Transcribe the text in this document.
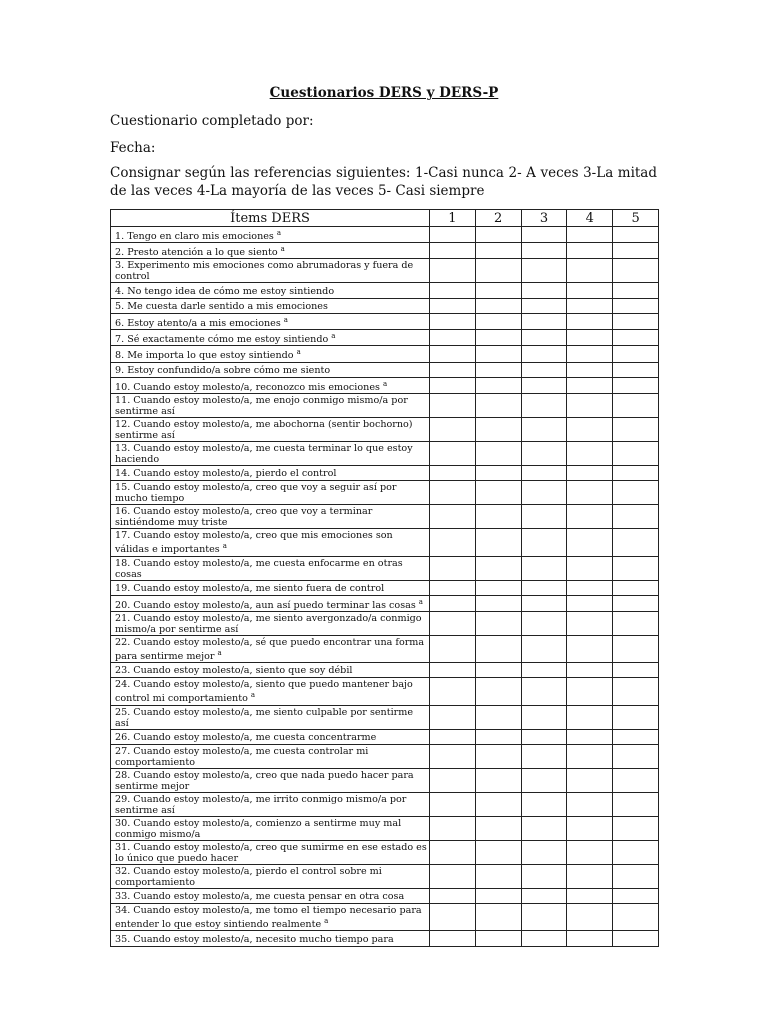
Cuestionarios DERS y DERS-P
Cuestionario completado por:
Fecha:
Consignar según las referencias siguientes: 1-Casi nunca 2- A veces 3-La mitad de las veces 4-La mayoría de las veces 5- Casi siempre
Ítems DERS	1	2	3	4	5
1. Tengo en claro mis emociones $^a$					
2. Presto atención a lo que siento $^a$					
3. Experimento mis emociones como abrumadoras y fuera de control					
4. No tengo idea de cómo me estoy sintiendo					
5. Me cuesta darle sentido a mis emociones					
6. Estoy atento/a a mis emociones $^a$					
7. Sé exactamente cómo me estoy sintiendo $^a$					
8. Me importa lo que estoy sintiendo $^a$					
9. Estoy confundido/a sobre cómo me siento					
10. Cuando estoy molesto/a, reconozco mis emociones $^a$					
11. Cuando estoy molesto/a, me enojo conmigo mismo/a por sentirme así					
12. Cuando estoy molesto/a, me abochorna (sentir bochorno) sentirme así					
13. Cuando estoy molesto/a, me cuesta terminar lo que estoy haciendo					
14. Cuando estoy molesto/a, pierdo el control					
15. Cuando estoy molesto/a, creo que voy a seguir así por mucho tiempo					
16. Cuando estoy molesto/a, creo que voy a terminar sintiéndome muy triste					
17. Cuando estoy molesto/a, creo que mis emociones son válidas e importantes $^a$					
18. Cuando estoy molesto/a, me cuesta enfocarme en otras cosas					
19. Cuando estoy molesto/a, me siento fuera de control					
20. Cuando estoy molesto/a, aun así puedo terminar las cosas $^a$					
21. Cuando estoy molesto/a, me siento avergonzado/a conmigo mismo/a por sentirme así					
22. Cuando estoy molesto/a, sé que puedo encontrar una forma para sentirme mejor $^a$					
23. Cuando estoy molesto/a, siento que soy débil					
24. Cuando estoy molesto/a, siento que puedo mantener bajo control mi comportamiento $^a$					
25. Cuando estoy molesto/a, me siento culpable por sentirme así					
26. Cuando estoy molesto/a, me cuesta concentrarme					
27. Cuando estoy molesto/a, me cuesta controlar mi comportamiento					
28. Cuando estoy molesto/a, creo que nada puedo hacer para sentirme mejor					
29. Cuando estoy molesto/a, me irrito conmigo mismo/a por sentirme así					
30. Cuando estoy molesto/a, comienzo a sentirme muy mal conmigo mismo/a					
31. Cuando estoy molesto/a, creo que sumirme en ese estado es lo único que puedo hacer					
32. Cuando estoy molesto/a, pierdo el control sobre mi comportamiento					
33. Cuando estoy molesto/a, me cuesta pensar en otra cosa					
34. Cuando estoy molesto/a, me tomo el tiempo necesario para entender lo que estoy sintiendo realmente $^a$					
35. Cuando estoy molesto/a, necesito mucho tiempo para					
